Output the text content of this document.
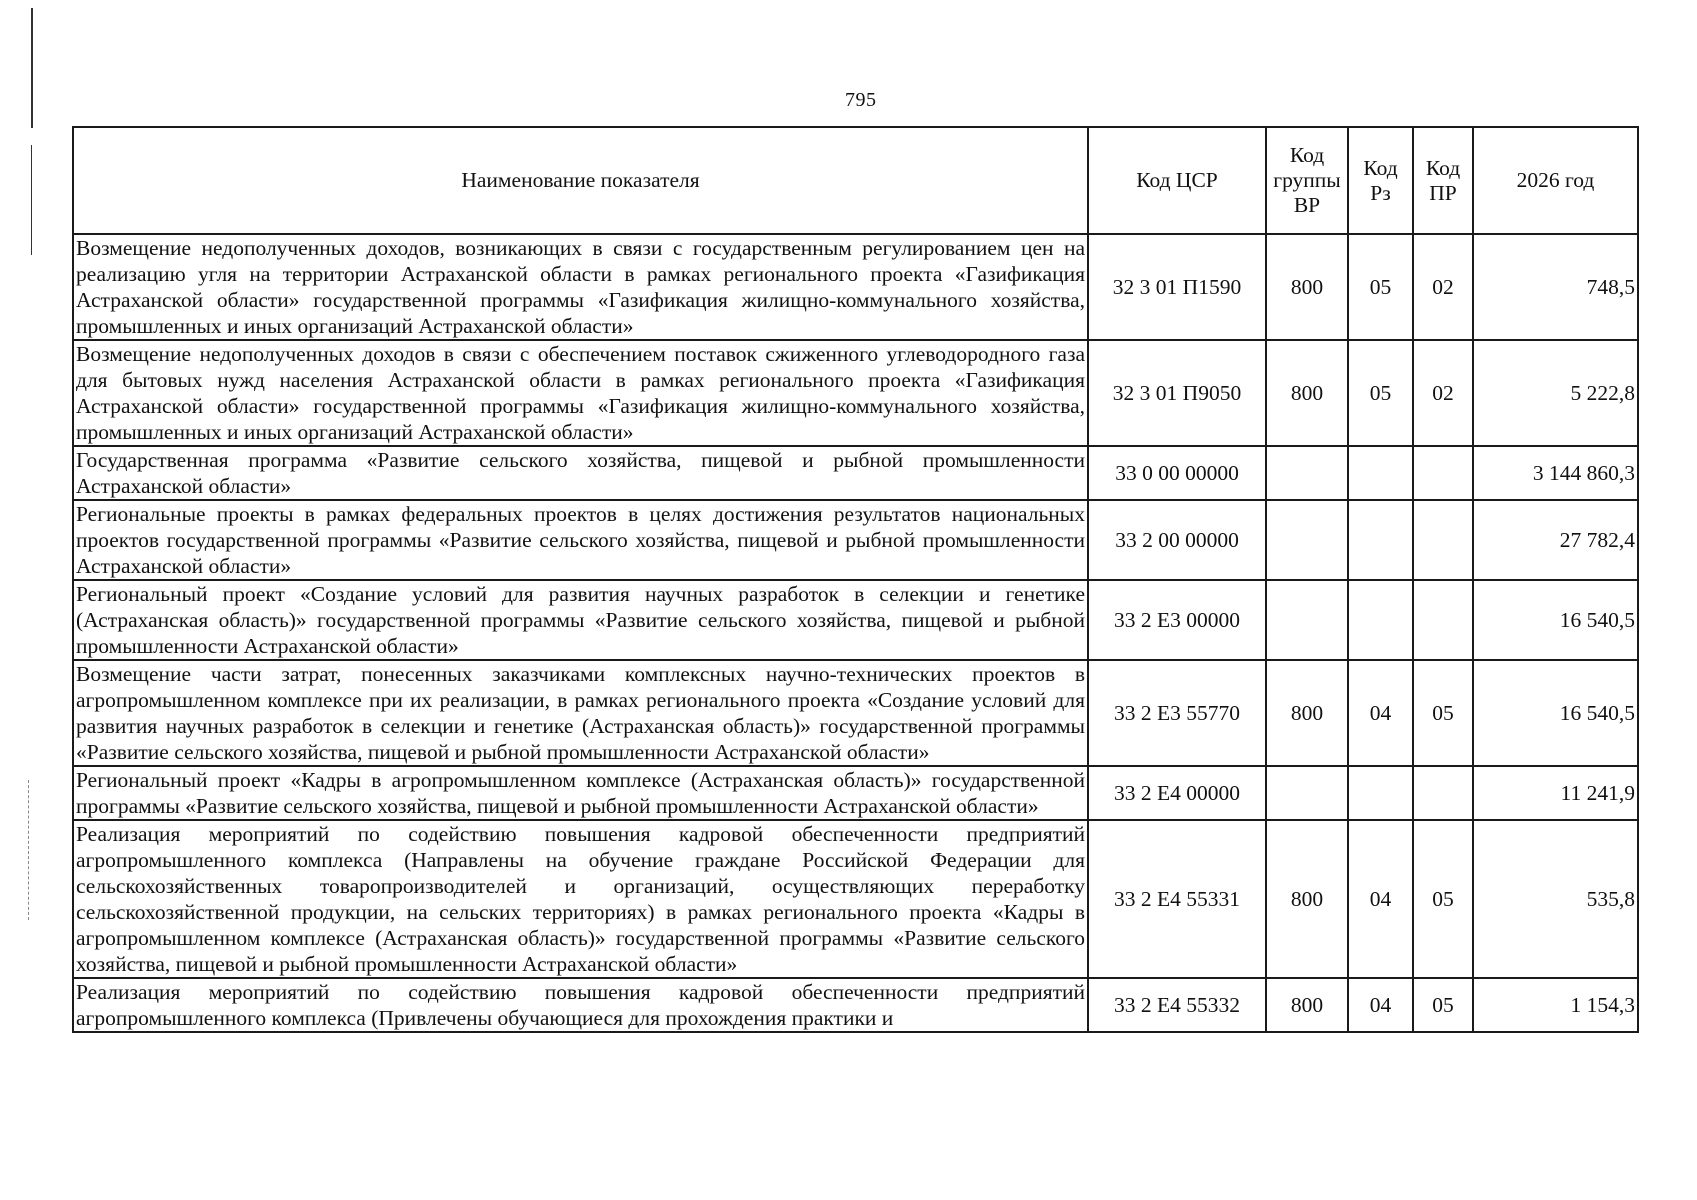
795
Наименование показателя	Код ЦСР	Код группы ВР	Код Рз	Код ПР	2026 год
Возмещение недополученных доходов, возникающих в связи с государственным регулированием цен на реализацию угля на территории Астраханской области в рамках регионального проекта «Газификация Астраханской области» государственной программы «Газификация жилищно-коммунального хозяйства, промышленных и иных организаций Астраханской области»	32 3 01 П1590	800	05	02	748,5
Возмещение недополученных доходов в связи с обеспечением поставок сжиженного углеводородного газа для бытовых нужд населения Астраханской области в рамках регионального проекта «Газификация Астраханской области» государственной программы «Газификация жилищно-коммунального хозяйства, промышленных и иных организаций Астраханской области»	32 3 01 П9050	800	05	02	5 222,8
Государственная программа «Развитие сельского хозяйства, пищевой и рыбной промышленности Астраханской области»	33 0 00 00000				3 144 860,3
Региональные проекты в рамках федеральных проектов в целях достижения результатов национальных проектов государственной программы «Развитие сельского хозяйства, пищевой и рыбной промышленности Астраханской области»	33 2 00 00000				27 782,4
Региональный проект «Создание условий для развития научных разработок в селекции и генетике (Астраханская область)» государственной программы «Развитие сельского хозяйства, пищевой и рыбной промышленности Астраханской области»	33 2 Е3 00000				16 540,5
Возмещение части затрат, понесенных заказчиками комплексных научно-технических проектов в агропромышленном комплексе при их реализации, в рамках регионального проекта «Создание условий для развития научных разработок в селекции и генетике (Астраханская область)» государственной программы «Развитие сельского хозяйства, пищевой и рыбной промышленности Астраханской области»	33 2 Е3 55770	800	04	05	16 540,5
Региональный проект «Кадры в агропромышленном комплексе (Астраханская область)» государственной программы «Развитие сельского хозяйства, пищевой и рыбной промышленности Астраханской области»	33 2 Е4 00000				11 241,9
Реализация мероприятий по содействию повышения кадровой обеспеченности предприятий агропромышленного комплекса (Направлены на обучение граждане Российской Федерации для сельскохозяйственных товаропроизводителей и организаций, осуществляющих переработку сельскохозяйственной продукции, на сельских территориях) в рамках регионального проекта «Кадры в агропромышленном комплексе (Астраханская область)» государственной программы «Развитие сельского хозяйства, пищевой и рыбной промышленности Астраханской области»	33 2 Е4 55331	800	04	05	535,8
Реализация мероприятий по содействию повышения кадровой обеспеченности предприятий агропромышленного комплекса (Привлечены обучающиеся для прохождения практики и	33 2 Е4 55332	800	04	05	1 154,3
